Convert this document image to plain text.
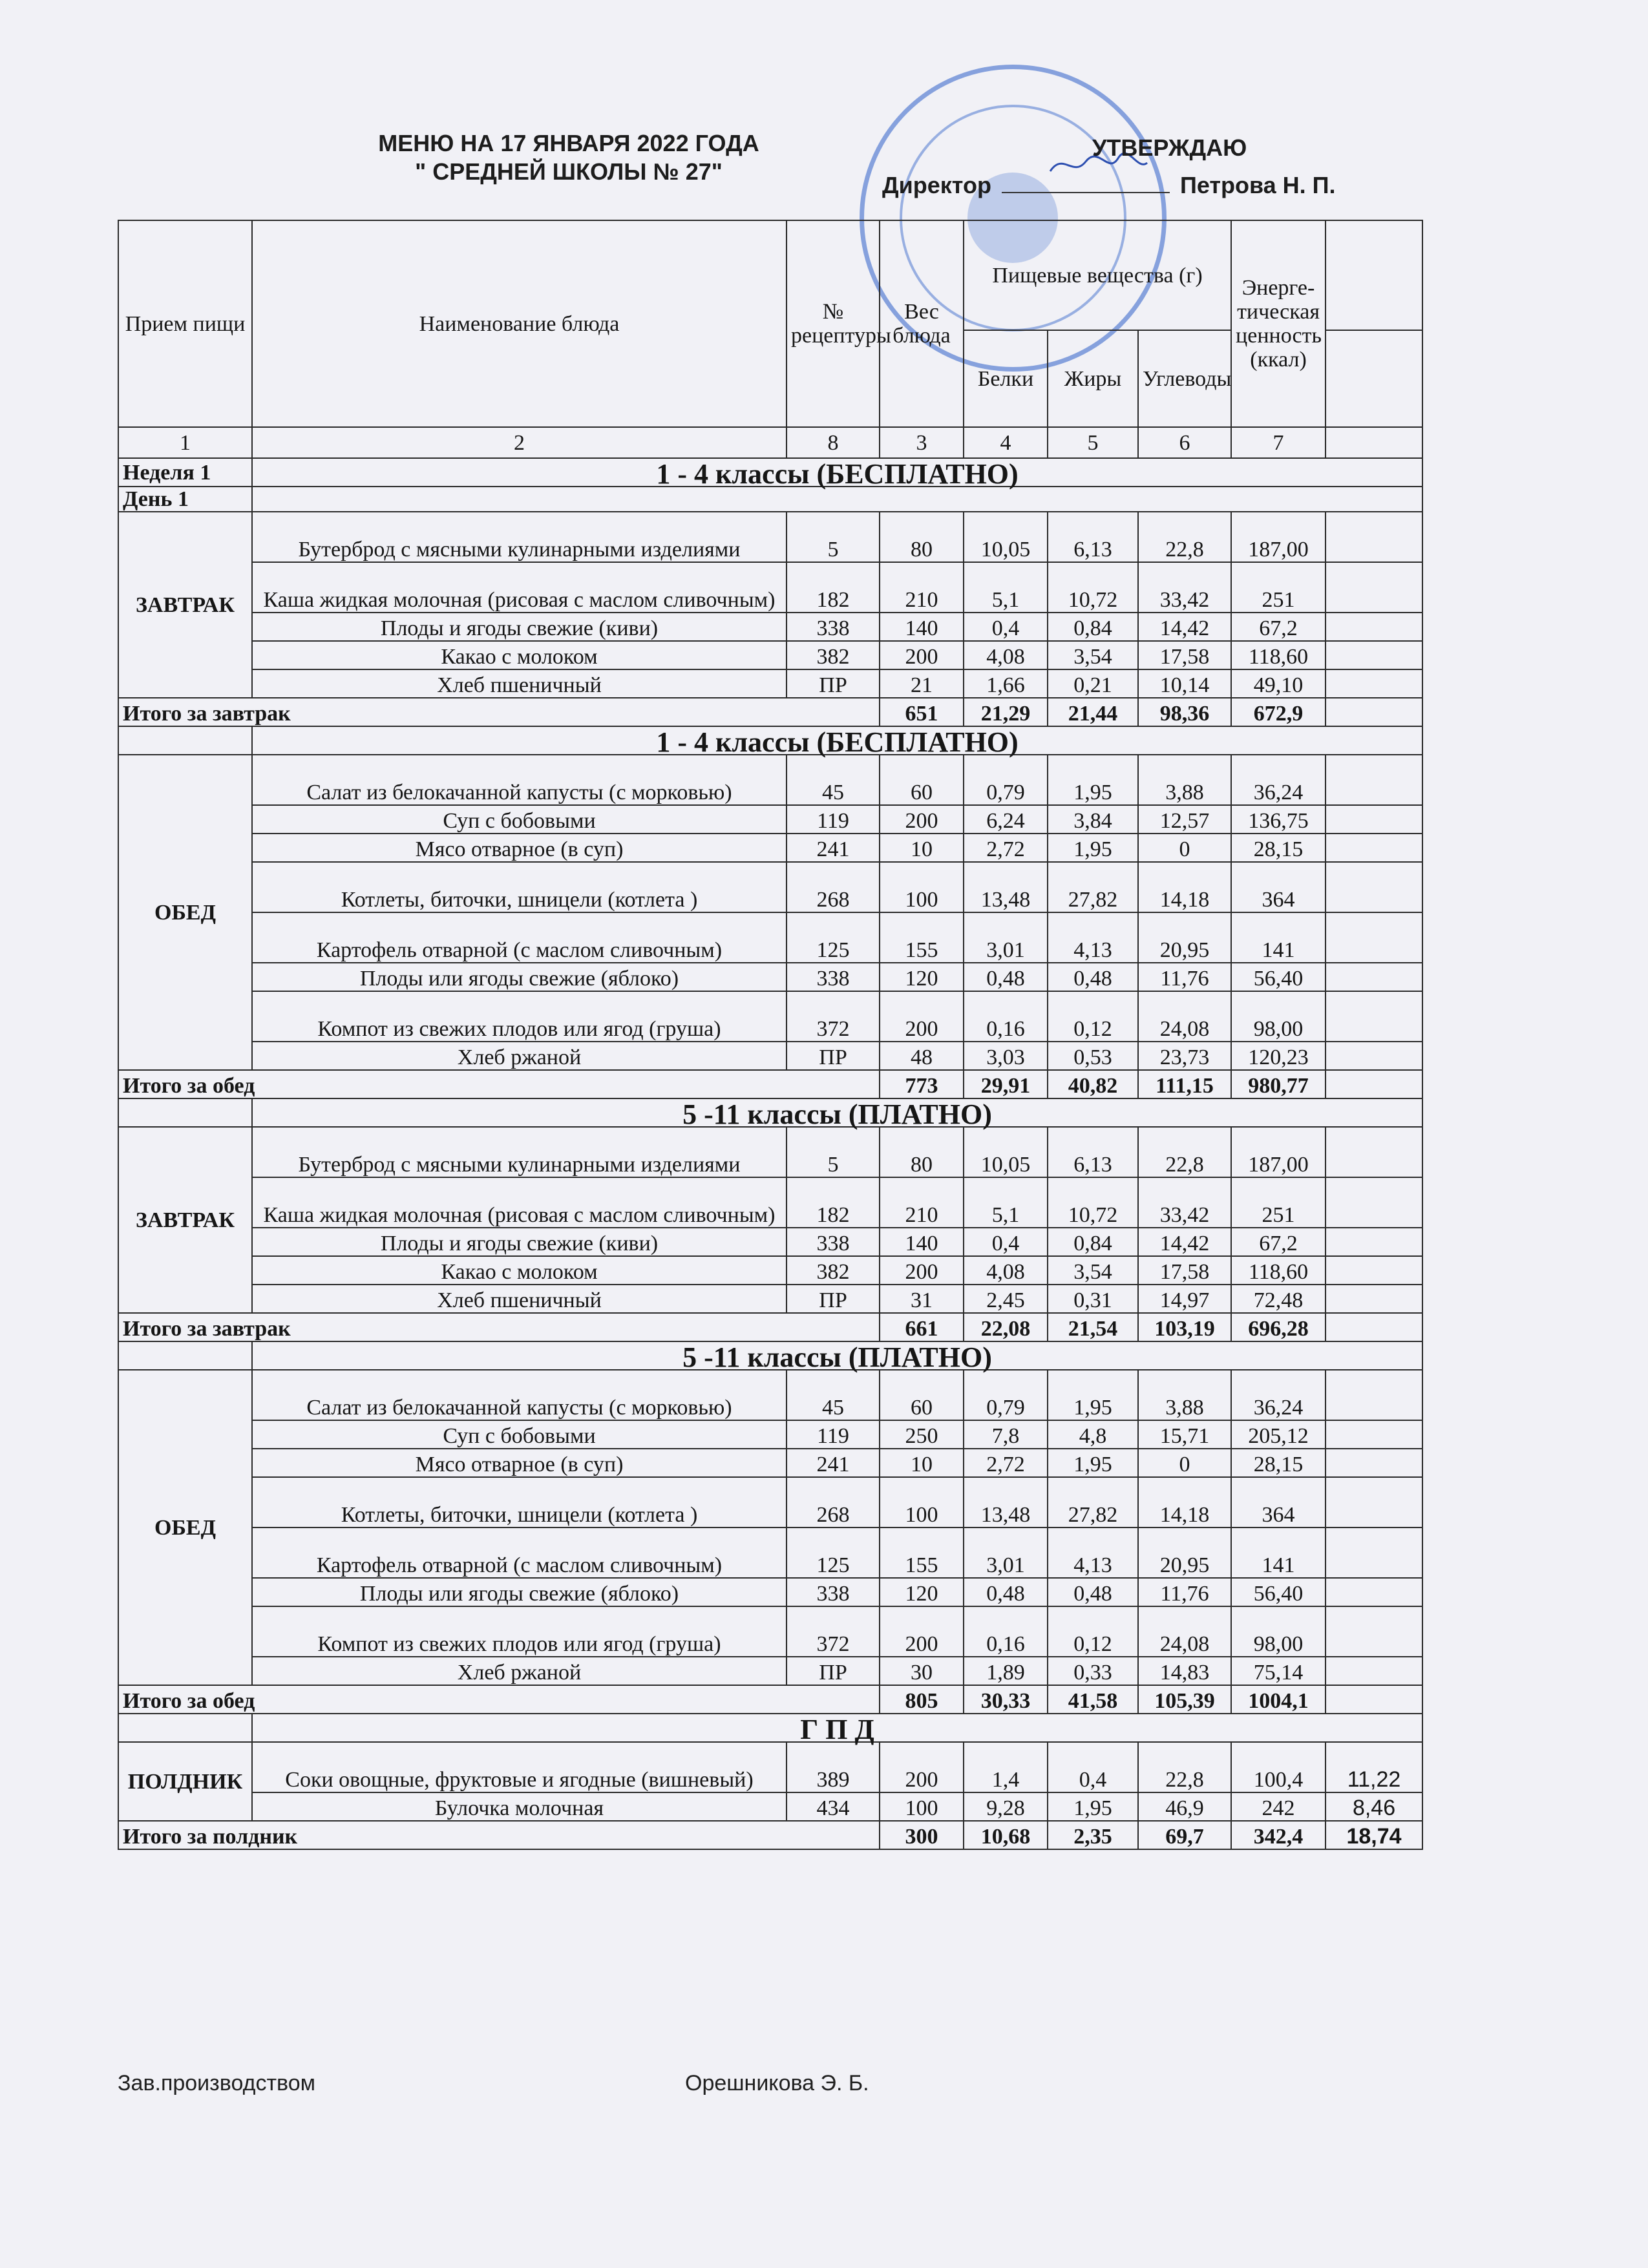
МЕНЮ НА 17 ЯНВАРЯ 2022 ГОДА
" СРЕДНЕЙ ШКОЛЫ № 27"
УТВЕРЖДАЮ
Директор	Петрова Н. П.
Прием пищи	Наименование блюда	№ рецептуры	Вес блюда	Пищевые вещества (г)			Энерге-тическая ценность (ккал)	
				Белки	Жиры	Углеводы		
1	2	8	3	4	5	6	7	
Неделя 1	1 - 4 классы (БЕСПЛАТНО)							
День 1								
ЗАВТРАК	Бутерброд с мясными кулинарными изделиями	5	80	10,05	6,13	22,8	187,00	
	Каша жидкая молочная (рисовая с маслом сливочным)	182	210	5,1	10,72	33,42	251	
	Плоды и ягоды свежие (киви)	338	140	0,4	0,84	14,42	67,2	
	Какао с молоком	382	200	4,08	3,54	17,58	118,60	
	Хлеб пшеничный	ПР	21	1,66	0,21	10,14	49,10	
Итого за завтрак			651	21,29	21,44	98,36	672,9	
	1 - 4 классы (БЕСПЛАТНО)							
ОБЕД	Салат из белокачанной капусты (с морковью)	45	60	0,79	1,95	3,88	36,24	
	Суп с бобовыми	119	200	6,24	3,84	12,57	136,75	
	Мясо отварное (в суп)	241	10	2,72	1,95	0	28,15	
	Котлеты, биточки, шницели (котлета )	268	100	13,48	27,82	14,18	364	
	Картофель отварной (с маслом сливочным)	125	155	3,01	4,13	20,95	141	
	Плоды или ягоды свежие (яблоко)	338	120	0,48	0,48	11,76	56,40	
	Компот из свежих плодов или ягод (груша)	372	200	0,16	0,12	24,08	98,00	
	Хлеб ржаной	ПР	48	3,03	0,53	23,73	120,23	
Итого за обед			773	29,91	40,82	111,15	980,77	
	5 -11 классы (ПЛАТНО)							
ЗАВТРАК	Бутерброд с мясными кулинарными изделиями	5	80	10,05	6,13	22,8	187,00	
	Каша жидкая молочная (рисовая с маслом сливочным)	182	210	5,1	10,72	33,42	251	
	Плоды и ягоды свежие (киви)	338	140	0,4	0,84	14,42	67,2	
	Какао с молоком	382	200	4,08	3,54	17,58	118,60	
	Хлеб пшеничный	ПР	31	2,45	0,31	14,97	72,48	
Итого за завтрак			661	22,08	21,54	103,19	696,28	
	5 -11 классы (ПЛАТНО)							
ОБЕД	Салат из белокачанной капусты (с морковью)	45	60	0,79	1,95	3,88	36,24	
	Суп с бобовыми	119	250	7,8	4,8	15,71	205,12	
	Мясо отварное (в суп)	241	10	2,72	1,95	0	28,15	
	Котлеты, биточки, шницели (котлета )	268	100	13,48	27,82	14,18	364	
	Картофель отварной (с маслом сливочным)	125	155	3,01	4,13	20,95	141	
	Плоды или ягоды свежие (яблоко)	338	120	0,48	0,48	11,76	56,40	
	Компот из свежих плодов или ягод (груша)	372	200	0,16	0,12	24,08	98,00	
	Хлеб ржаной	ПР	30	1,89	0,33	14,83	75,14	
Итого за обед			805	30,33	41,58	105,39	1004,1	
	Г П Д							
ПОЛДНИК	Соки овощные, фруктовые и ягодные (вишневый)	389	200	1,4	0,4	22,8	100,4	11,22
	Булочка молочная	434	100	9,28	1,95	46,9	242	8,46
Итого за полдник			300	10,68	2,35	69,7	342,4	18,74
Зав.производством	Орешникова Э. Б.
